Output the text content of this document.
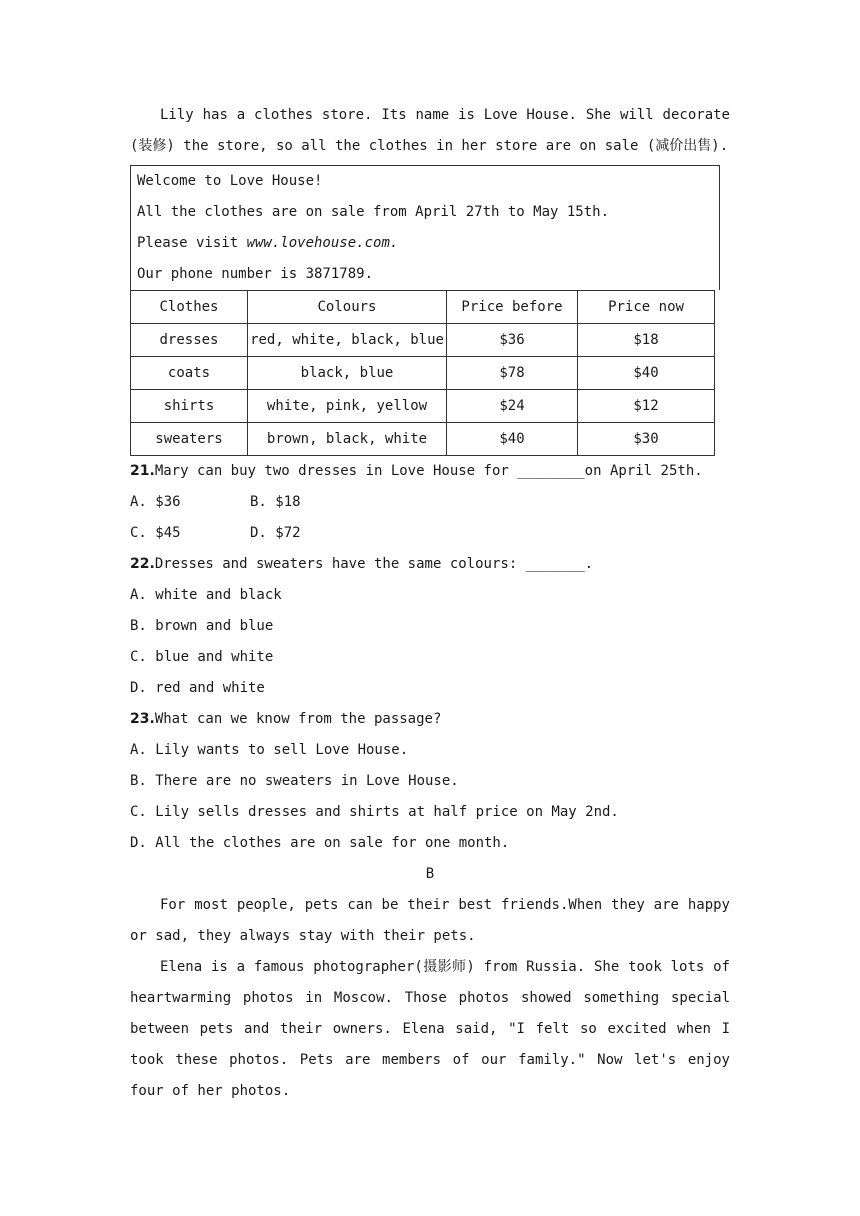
Lily has a clothes store. Its name is Love House. She will decorate (装修) the store, so all the clothes in her store are on sale (减价出售).
Welcome to Love House!
All the clothes are on sale from April 27th to May 15th.
Please visit www.lovehouse.com.
Our phone number is 3871789.
Clothes	Colours	Price before	Price now
dresses	red, white, black, blue	$36	$18
coats	black, blue	$78	$40
shirts	white, pink, yellow	$24	$12
sweaters	brown, black, white	$40	$30
21.Mary can buy two dresses in Love House for ________on April 25th.
A. $36	B. $18
C. $45	D. $72
22.Dresses and sweaters have the same colours: _______.
A. white and black
B. brown and blue
C. blue and white
D. red and white
23.What can we know from the passage?
A. Lily wants to sell Love House.
B. There are no sweaters in Love House.
C. Lily sells dresses and shirts at half price on May 2nd.
D. All the clothes are on sale for one month.
B
For most people, pets can be their best friends.When they are happy or sad, they always stay with their pets.
Elena is a famous photographer(摄影师) from Russia. She took lots of heartwarming photos in Moscow. Those photos showed something special between pets and their owners. Elena said, "I felt so excited when I took these photos. Pets are members of our family." Now let's enjoy four of her photos.
